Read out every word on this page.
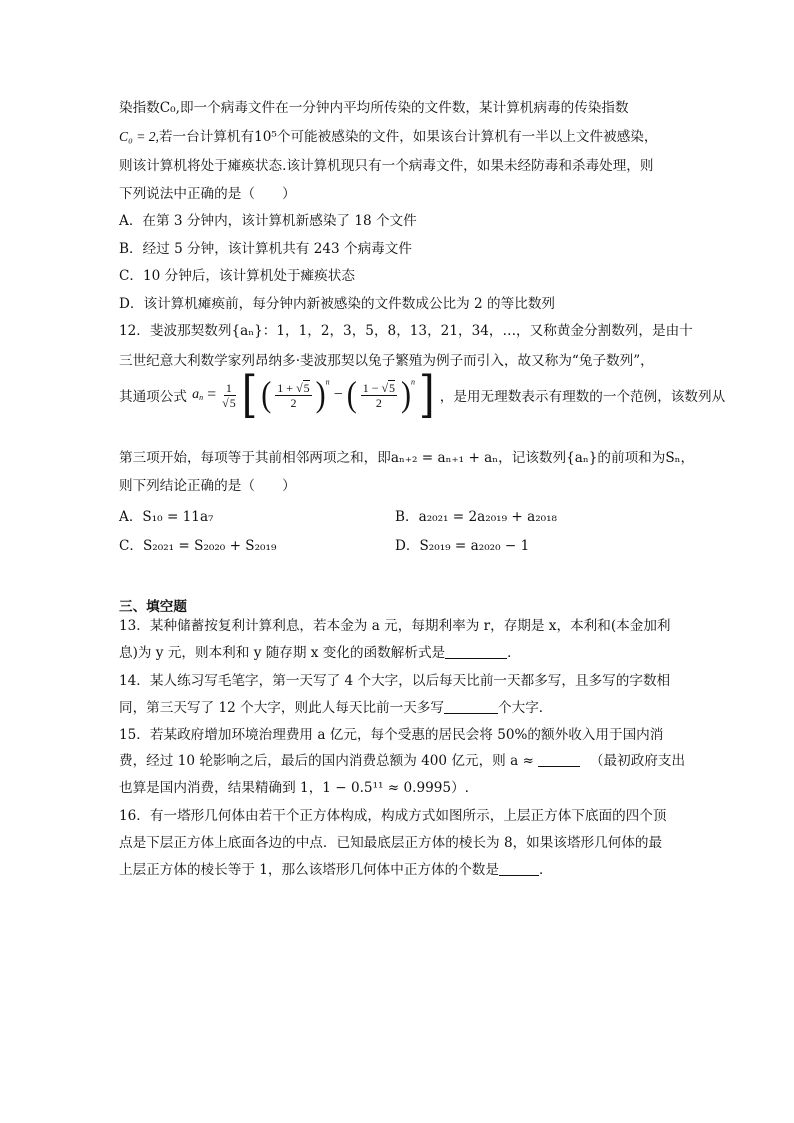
染指数C₀,即一个病毒文件在一分钟内平均所传染的文件数，某计算机病毒的传染指数
C₀ = 2,若一台计算机有10⁵个可能被感染的文件，如果该台计算机有一半以上文件被感染，
则该计算机将处于瘫痪状态.该计算机现只有一个病毒文件，如果未经防毒和杀毒处理，则
下列说法中正确的是（　　）
A．在第 3 分钟内，该计算机新感染了 18 个文件
B．经过 5 分钟，该计算机共有 243 个病毒文件
C．10 分钟后，该计算机处于瘫痪状态
D．该计算机瘫痪前，每分钟内新被感染的文件数成公比为 2 的等比数列
12．斐波那契数列{aₙ}：1，1，2，3，5，8，13，21，34，…，又称黄金分割数列，是由十
三世纪意大利数学家列昂纳多·斐波那契以兔子繁殖为例子而引入，故又称为“兔子数列”，
其通项公式 $a_n = \frac{1}{√5}$ [ ( $\frac{1 + √5}{2} )^n$ − ( $\frac{1 - √5}{2} )^n$ ] ，是用无理数表示有理数的一个范例，该数列从
第三项开始，每项等于其前相邻两项之和，即aₙ₊₂ = aₙ₊₁ + aₙ，记该数列{aₙ}的前项和为Sₙ，
则下列结论正确的是（　　）
A．S₁₀ = 11a₇	B．a₂₀₂₁ = 2a₂₀₁₉ + a₂₀₁₈
C．S₂₀₂₁ = S₂₀₂₀ + S₂₀₁₉	D．S₂₀₁₉ = a₂₀₂₀ − 1
三、填空题
13．某种储蓄按复利计算利息，若本金为 a 元，每期利率为 r，存期是 x，本利和(本金加利
息)为 y 元，则本利和 y 随存期 x 变化的函数解析式是	．
14．某人练习写毛笔字，第一天写了 4 个大字，以后每天比前一天都多写，且多写的字数相
同，第三天写了 12 个大字，则此人每天比前一天多写	个大字．
15．若某政府增加环境治理费用 a 亿元，每个受惠的居民会将 50%的额外收入用于国内消
费，经过 10 轮影响之后，最后的国内消费总额为 400 亿元，则 a ≈	（最初政府支出
也算是国内消费，结果精确到 1，1 − 0.5¹¹ ≈ 0.9995）.
16．有一塔形几何体由若干个正方体构成，构成方式如图所示，上层正方体下底面的四个顶
点是下层正方体上底面各边的中点．已知最底层正方体的棱长为 8，如果该塔形几何体的最
上层正方体的棱长等于 1，那么该塔形几何体中正方体的个数是	．
